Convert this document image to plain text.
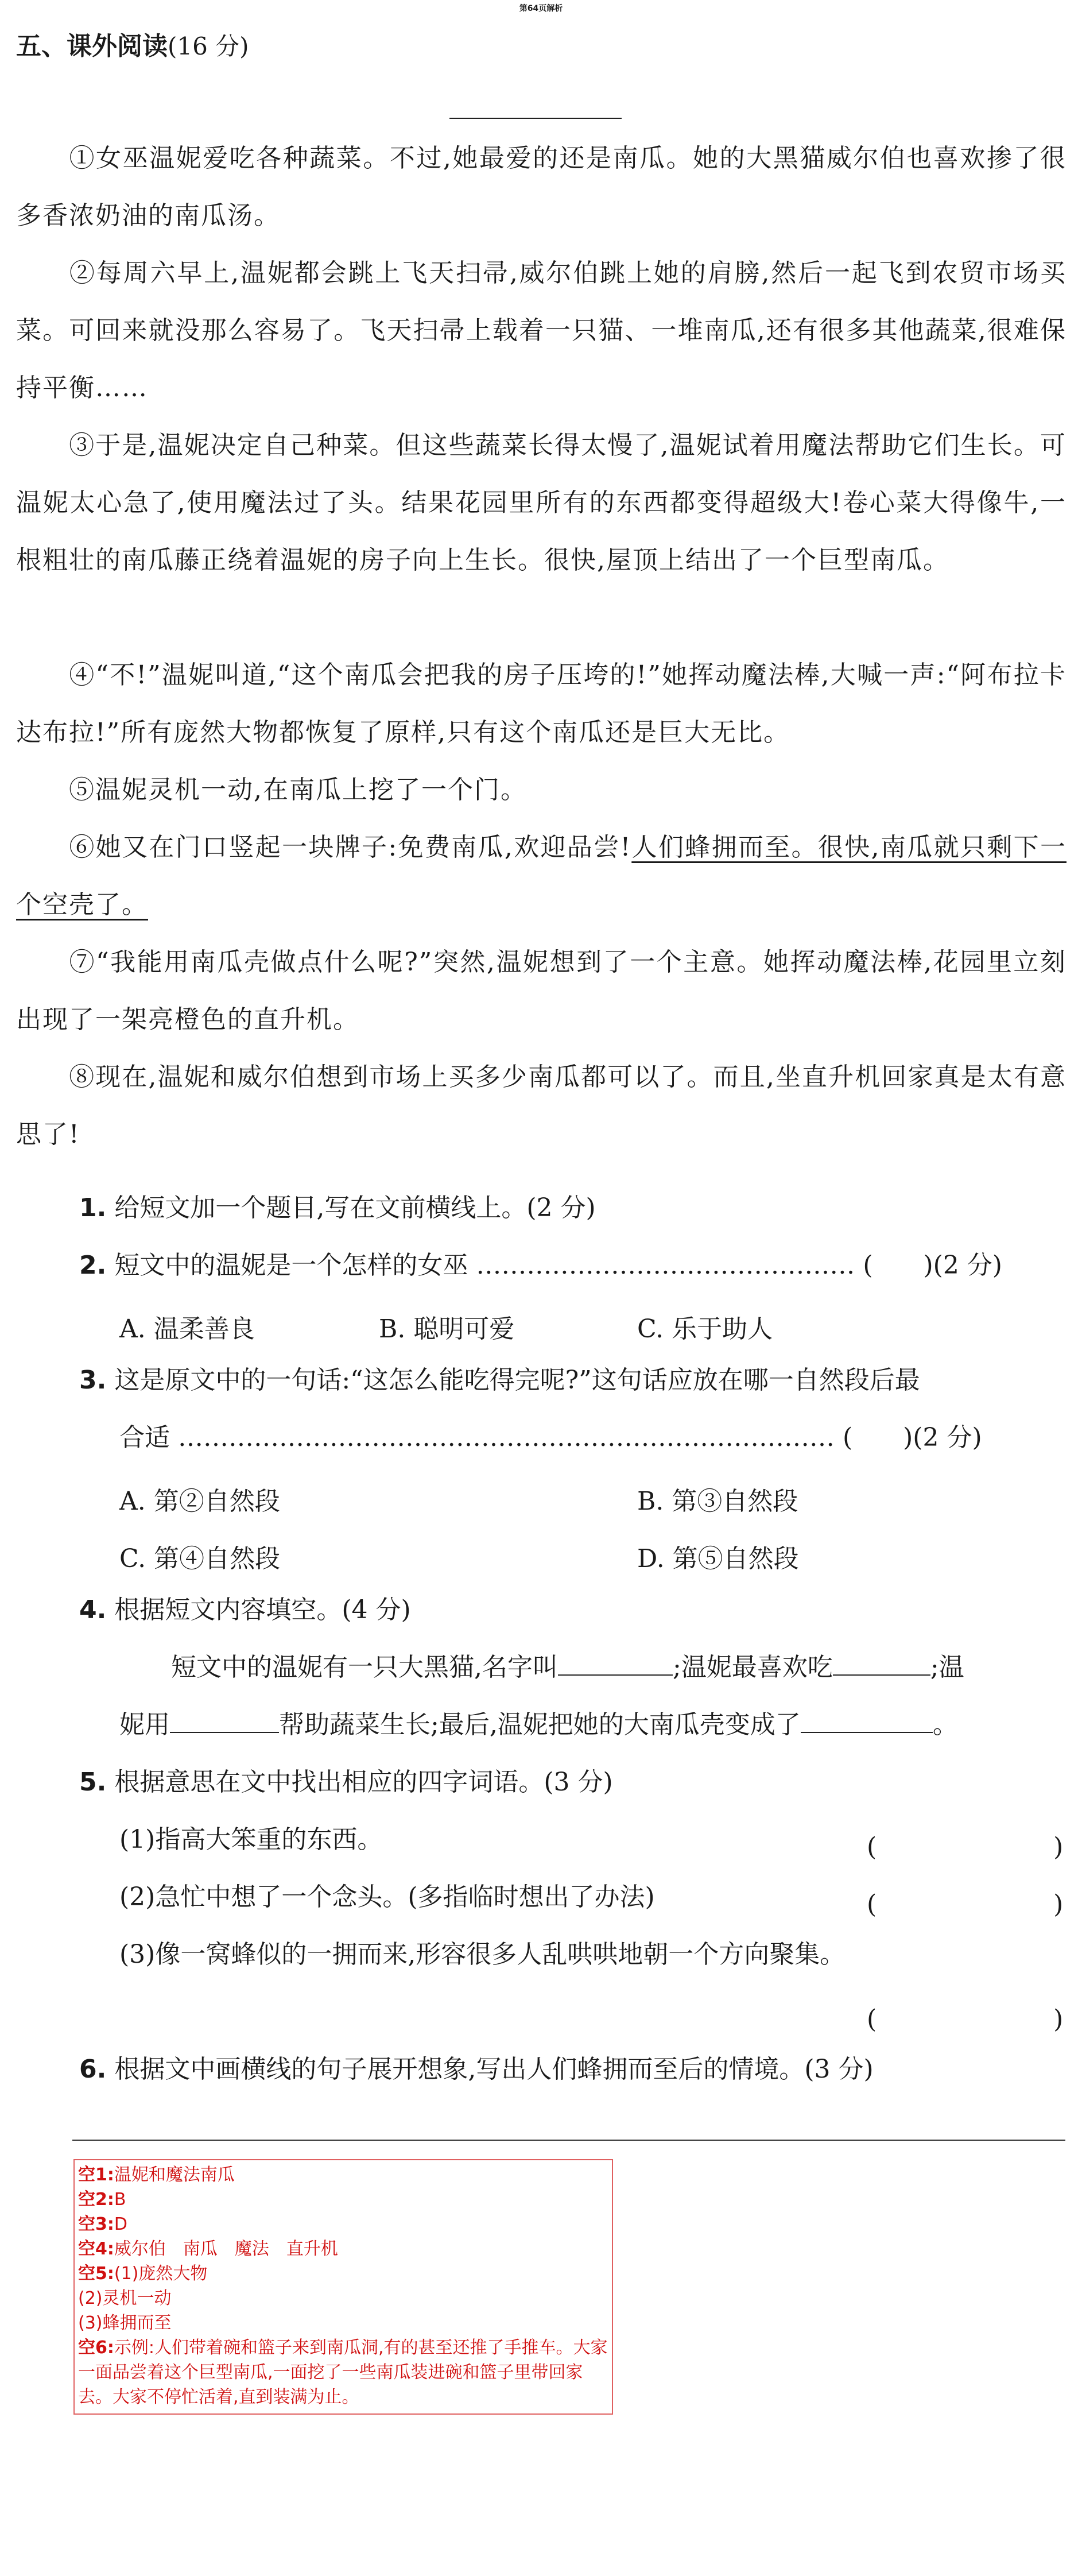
第64页解析
五、课外阅读(16 分)
①女巫温妮爱吃各种蔬菜。不过,她最爱的还是南瓜。她的大黑猫威尔伯也喜欢掺了很多香浓奶油的南瓜汤。
②每周六早上,温妮都会跳上飞天扫帚,威尔伯跳上她的肩膀,然后一起飞到农贸市场买菜。可回来就没那么容易了。飞天扫帚上载着一只猫、一堆南瓜,还有很多其他蔬菜,很难保持平衡……
③于是,温妮决定自己种菜。但这些蔬菜长得太慢了,温妮试着用魔法帮助它们生长。可温妮太心急了,使用魔法过了头。结果花园里所有的东西都变得超级大!卷心菜大得像牛,一根粗壮的南瓜藤正绕着温妮的房子向上生长。很快,屋顶上结出了一个巨型南瓜。
④“不!”温妮叫道,“这个南瓜会把我的房子压垮的!”她挥动魔法棒,大喊一声:“阿布拉卡达布拉!”所有庞然大物都恢复了原样,只有这个南瓜还是巨大无比。
⑤温妮灵机一动,在南瓜上挖了一个门。
⑥她又在门口竖起一块牌子:免费南瓜,欢迎品尝!人们蜂拥而至。很快,南瓜就只剩下一个空壳了。
⑦“我能用南瓜壳做点什么呢?”突然,温妮想到了一个主意。她挥动魔法棒,花园里立刻出现了一架亮橙色的直升机。
⑧现在,温妮和威尔伯想到市场上买多少南瓜都可以了。而且,坐直升机回家真是太有意思了!
1. 给短文加一个题目,写在文前横线上。(2 分)
2. 短文中的温妮是一个怎样的女巫 ……………………………………… (　　)(2 分)
A. 温柔善良	B. 聪明可爱	C. 乐于助人
3. 这是原文中的一句话:“这怎么能吃得完呢?”这句话应放在哪一自然段后最
合适 …………………………………………………………………… (　　)(2 分)
A. 第②自然段	B. 第③自然段
C. 第④自然段	D. 第⑤自然段
4. 根据短文内容填空。(4 分)
短文中的温妮有一只大黑猫,名字叫	;温妮最喜欢吃	;温
妮用	帮助蔬菜生长;最后,温妮把她的大南瓜壳变成了	。
5. 根据意思在文中找出相应的四字词语。(3 分)
(1)指高大笨重的东西。	(　　　　　　　)
(2)急忙中想了一个念头。(多指临时想出了办法)	(　　　　　　　)
(3)像一窝蜂似的一拥而来,形容很多人乱哄哄地朝一个方向聚集。
(　　　　　　　)
6. 根据文中画横线的句子展开想象,写出人们蜂拥而至后的情境。(3 分)
空1:温妮和魔法南瓜
空2:B
空3:D
空4:威尔伯　南瓜　魔法　直升机
空5:(1)庞然大物
(2)灵机一动
(3)蜂拥而至
空6:示例:人们带着碗和篮子来到南瓜洞,有的甚至还推了手推车。大家一面品尝着这个巨型南瓜,一面挖了一些南瓜装进碗和篮子里带回家去。大家不停忙活着,直到装满为止。
